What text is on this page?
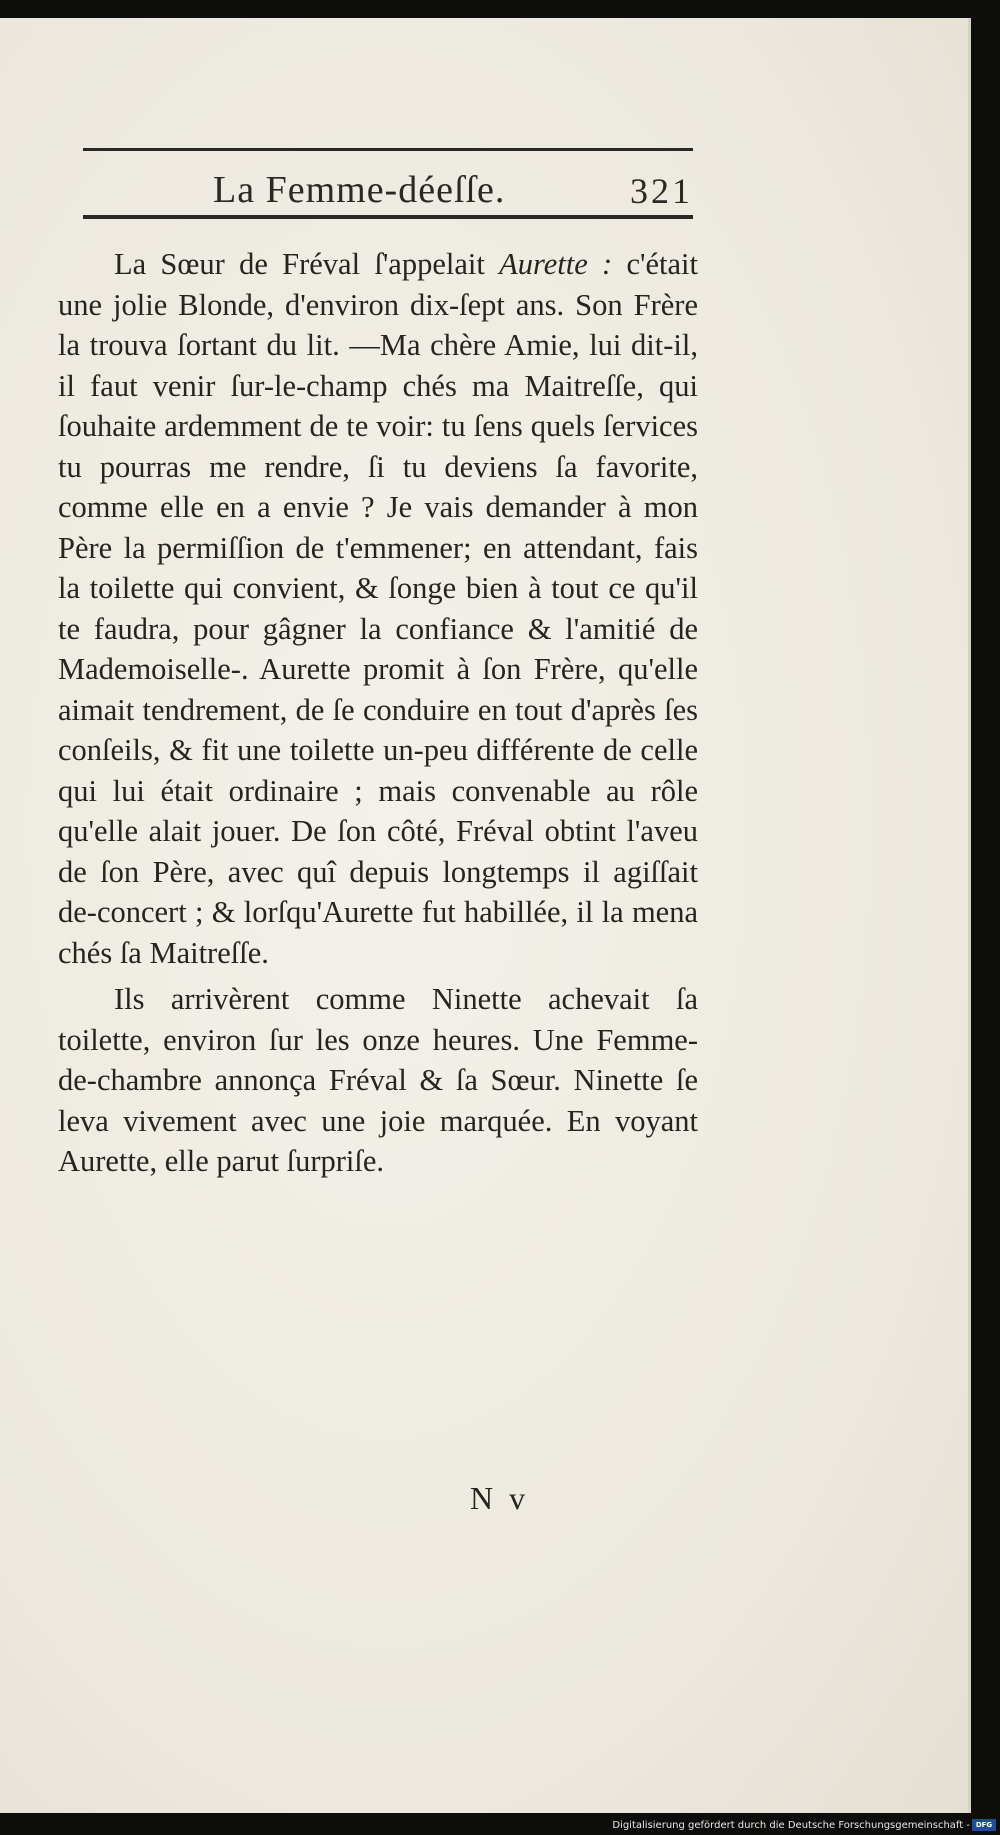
La Femme-déeſſe.	321

La Sœur de Fréval ſ'appelait Aurette : c'était une jolie Blonde, d'environ dix-ſept ans. Son Frère la trouva ſortant du lit. —Ma chère Amie, lui dit-il, il faut venir ſur-le-champ chés ma Maitreſſe, qui ſouhaite ardemment de te voir: tu ſens quels ſervices tu pourras me rendre, ſi tu deviens ſa favorite, comme elle en a envie ? Je vais demander à mon Père la permiſſion de t'emmener; en attendant, fais la toilette qui convient, & ſonge bien à tout ce qu'il te faudra, pour gâgner la confiance & l'amitié de Mademoiselle-. Aurette promit à ſon Frère, qu'elle aimait tendrement, de ſe conduire en tout d'après ſes conſeils, & fit une toilette un-peu différente de celle qui lui était ordinaire ; mais convenable au rôle qu'elle alait jouer. De ſon côté, Fréval obtint l'aveu de ſon Père, avec quî depuis longtemps il agiſſait de-concert ; & lorſqu'Aurette fut habillée, il la mena chés ſa Maitreſſe.

Ils arrivèrent comme Ninette achevait ſa toilette, environ ſur les onze heures. Une Femme-de-chambre annonça Fréval & ſa Sœur. Ninette ſe leva vivement avec une joie marquée. En voyant Aurette, elle parut ſurpriſe.

N v
Digitalisierung gefördert durch die Deutsche Forschungsgemeinschaft - DFG
